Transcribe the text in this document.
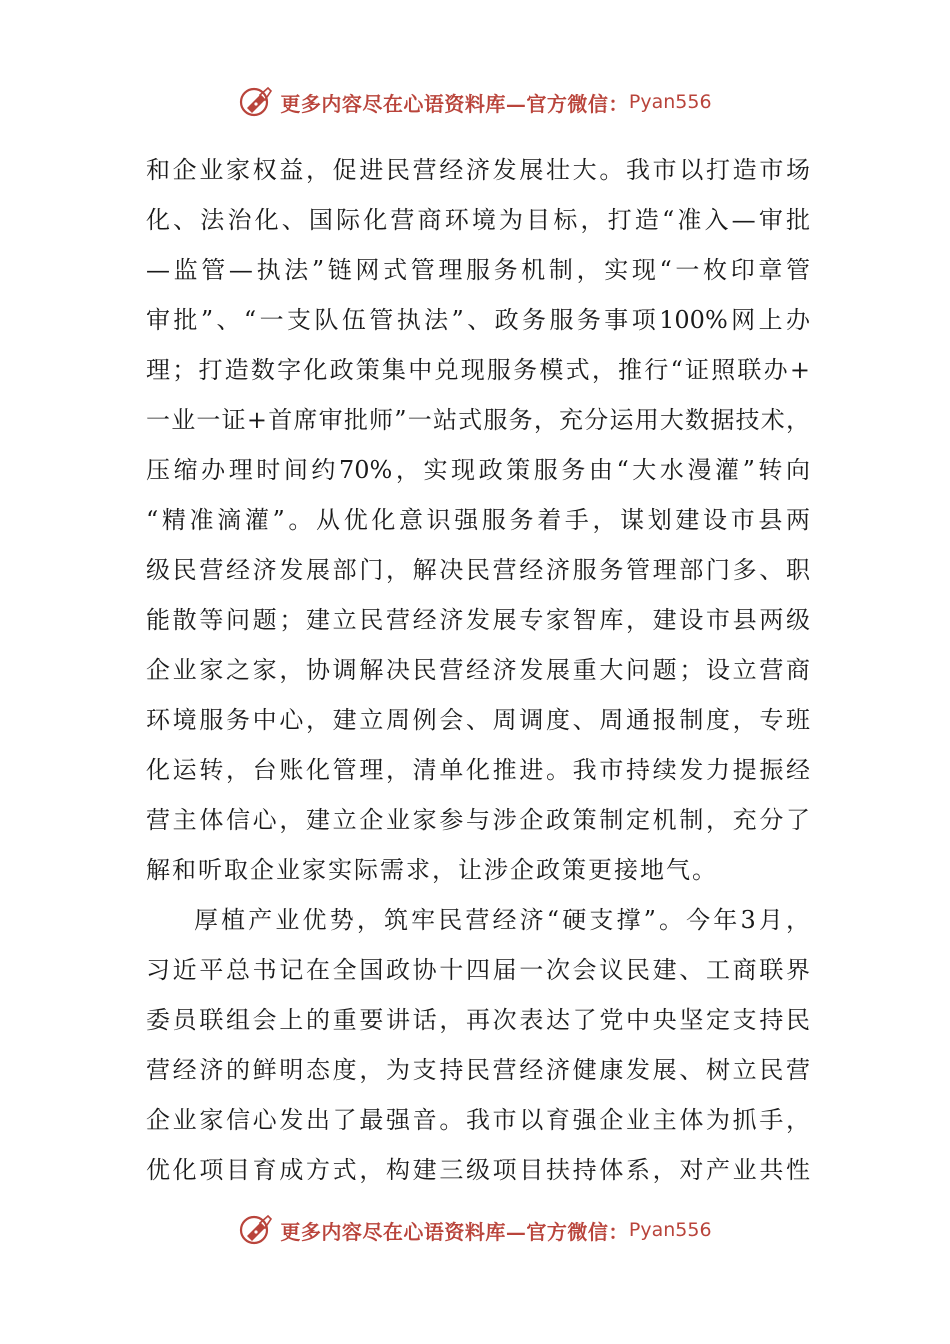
更多内容尽在心语资料库—官方微信： Pyan556
和企业家权益，促进民营经济发展壮大。我市以打造市场
化、法治化、国际化营商环境为目标，打造“准入—审批
—监管—执法”链网式管理服务机制，实现“一枚印章管
审批”、“一支队伍管执法”、政务服务事项100%网上办
理；打造数字化政策集中兑现服务模式，推行“证照联办+
一业一证+首席审批师”一站式服务，充分运用大数据技术，
压缩办理时间约70%，实现政策服务由“大水漫灌”转向
“精准滴灌”。从优化意识强服务着手，谋划建设市县两
级民营经济发展部门，解决民营经济服务管理部门多、职
能散等问题；建立民营经济发展专家智库，建设市县两级
企业家之家，协调解决民营经济发展重大问题；设立营商
环境服务中心，建立周例会、周调度、周通报制度，专班
化运转，台账化管理，清单化推进。我市持续发力提振经
营主体信心，建立企业家参与涉企政策制定机制，充分了
解和听取企业家实际需求，让涉企政策更接地气。
厚植产业优势，筑牢民营经济“硬支撑”。今年3月，
习近平总书记在全国政协十四届一次会议民建、工商联界
委员联组会上的重要讲话，再次表达了党中央坚定支持民
营经济的鲜明态度，为支持民营经济健康发展、树立民营
企业家信心发出了最强音。我市以育强企业主体为抓手，
优化项目育成方式，构建三级项目扶持体系，对产业共性
更多内容尽在心语资料库—官方微信： Pyan556
